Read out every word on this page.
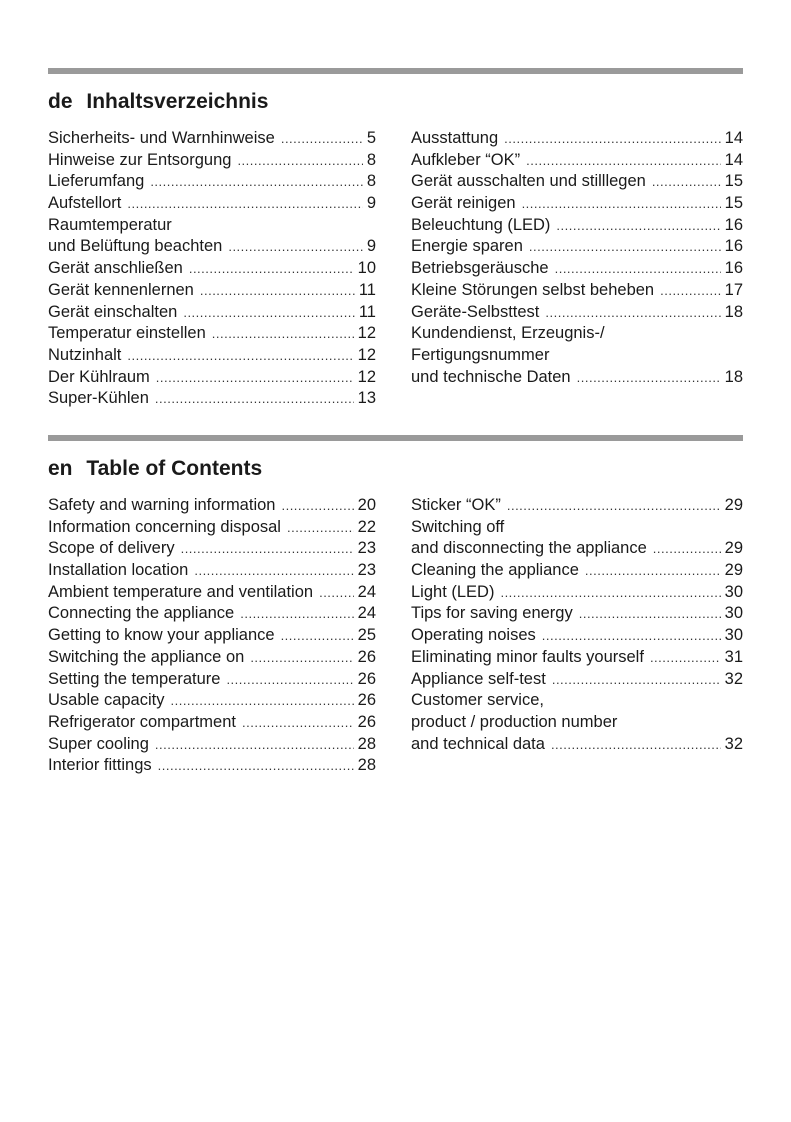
de Inhaltsverzeichnis
Sicherheits- und Warnhinweise .....	5
Hinweise zur Entsorgung .....	8
Lieferumfang .....	8
Aufstellort .....	9
Raumtemperatur
und Belüftung beachten .....	9
Gerät anschließen .....	10
Gerät kennenlernen .....	11
Gerät einschalten .....	11
Temperatur einstellen .....	12
Nutzinhalt .....	12
Der Kühlraum .....	12
Super-Kühlen .....	13
Ausstattung .....	14
Aufkleber “OK” .....	14
Gerät ausschalten und stilllegen .....	15
Gerät reinigen .....	15
Beleuchtung (LED) .....	16
Energie sparen .....	16
Betriebsgeräusche .....	16
Kleine Störungen selbst beheben .....	17
Geräte-Selbsttest .....	18
Kundendienst, Erzeugnis-/
Fertigungsnummer
und technische Daten .....	18
en Table of Contents
Safety and warning information .....	20
Information concerning disposal .....	22
Scope of delivery .....	23
Installation location .....	23
Ambient temperature and ventilation .....	24
Connecting the appliance .....	24
Getting to know your appliance .....	25
Switching the appliance on .....	26
Setting the temperature .....	26
Usable capacity .....	26
Refrigerator compartment .....	26
Super cooling .....	28
Interior fittings .....	28
Sticker “OK” .....	29
Switching off
and disconnecting the appliance .....	29
Cleaning the appliance .....	29
Light (LED) .....	30
Tips for saving energy .....	30
Operating noises .....	30
Eliminating minor faults yourself .....	31
Appliance self-test .....	32
Customer service,
product / production number
and technical data .....	32
